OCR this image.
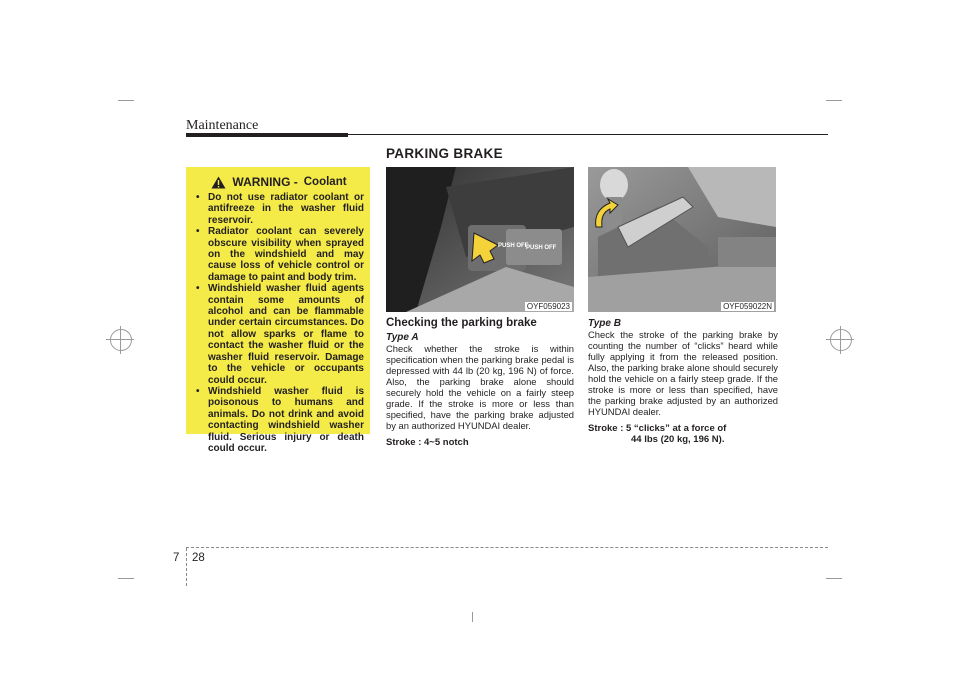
Maintenance
PARKING BRAKE
WARNING - Coolant
• Do not use radiator coolant or antifreeze in the washer fluid reservoir.
• Radiator coolant can severely obscure visibility when sprayed on the windshield and may cause loss of vehicle control or damage to paint and body trim.
• Windshield washer fluid agents contain some amounts of alcohol and can be flammable under certain circumstances. Do not allow sparks or flame to contact the washer fluid or the washer fluid reservoir. Damage to the vehicle or occupants could occur.
• Windshield washer fluid is poisonous to humans and animals. Do not drink and avoid contacting windshield washer fluid. Serious injury or death could occur.
PUSH OFF
PUSH OFF
OYF059023	OYF059022N
Checking the parking brake
Type A
Check whether the stroke is within specification when the parking brake pedal is depressed with 44 lb (20 kg, 196 N) of force. Also, the parking brake alone should securely hold the vehicle on a fairly steep grade. If the stroke is more or less than specified, have the parking brake adjusted by an authorized HYUNDAI dealer.
Stroke : 4~5 notch
Type B
Check the stroke of the parking brake by counting the number of “clicks” heard while fully applying it from the released position. Also, the parking brake alone should securely hold the vehicle on a fairly steep grade. If the stroke is more or less than specified, have the parking brake adjusted by an authorized HYUNDAI dealer.
Stroke : 5 “clicks” at a force of
44 lbs (20 kg, 196 N).
7 28
